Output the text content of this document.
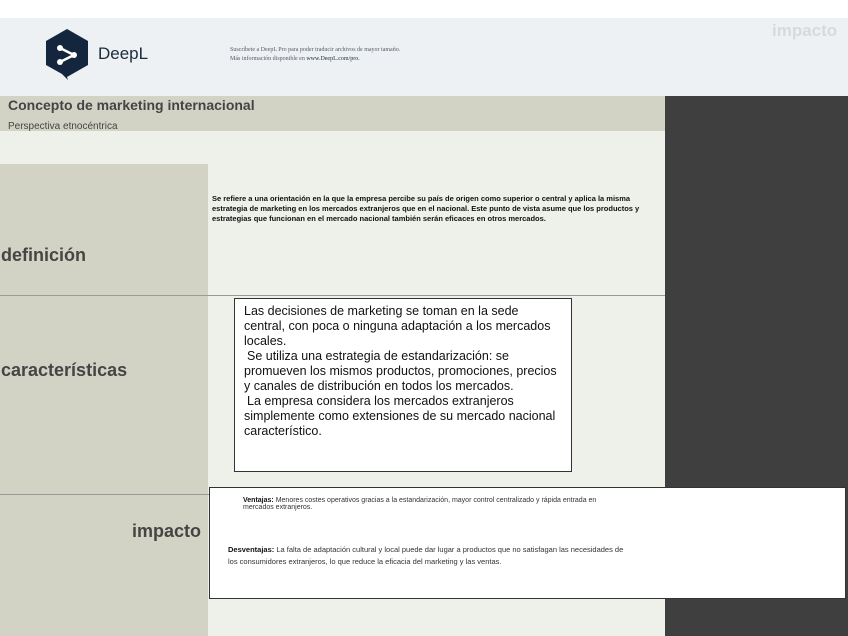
DeepL	Suscríbete a DeepL Pro para poder traducir archivos de mayor tamaño.
Más información disponible en www.DeepL.com/pro.
impacto
Concepto de marketing internacional
Perspectiva etnocéntrica
definición
Se refiere a una orientación en la que la empresa percibe su país de origen como superior o central y aplica la misma estrategia de marketing en los mercados extranjeros que en el nacional. Este punto de vista asume que los productos y estrategias que funcionan en el mercado nacional también serán eficaces en otros mercados.
características

Las decisiones de marketing se toman en la sede central, con poca o ninguna adaptación a los mercados locales.

Se utiliza una estrategia de estandarización: se promueven los mismos productos, promociones, precios y canales de distribución en todos los mercados.

La empresa considera los mercados extranjeros simplemente como extensiones de su mercado nacional característico.

impacto
Ventajas: Menores costes operativos gracias a la estandarización, mayor control centralizado y rápida entrada en mercados extranjeros.
Desventajas: La falta de adaptación cultural y local puede dar lugar a productos que no satisfagan las necesidades de los consumidores extranjeros, lo que reduce la eficacia del marketing y las ventas.
